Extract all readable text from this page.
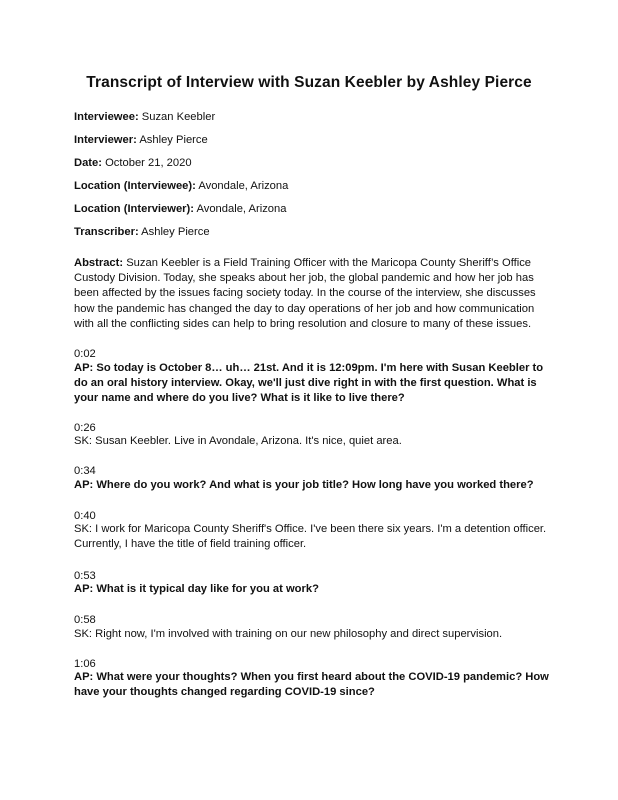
Transcript of Interview with Suzan Keebler by Ashley Pierce
Interviewee: Suzan Keebler
Interviewer: Ashley Pierce
Date: October 21, 2020
Location (Interviewee): Avondale, Arizona
Location (Interviewer): Avondale, Arizona
Transcriber: Ashley Pierce
Abstract: Suzan Keebler is a Field Training Officer with the Maricopa County Sheriff’s Office Custody Division. Today, she speaks about her job, the global pandemic and how her job has been affected by the issues facing society today. In the course of the interview, she discusses how the pandemic has changed the day to day operations of her job and how communication with all the conflicting sides can help to bring resolution and closure to many of these issues.
0:02
AP: So today is October 8… uh… 21st. And it is 12:09pm. I'm here with Susan Keebler to do an oral history interview. Okay, we'll just dive right in with the first question. What is your name and where do you live? What is it like to live there?
0:26
SK: Susan Keebler. Live in Avondale, Arizona. It's nice, quiet area.
0:34
AP: Where do you work? And what is your job title? How long have you worked there?
0:40
SK: I work for Maricopa County Sheriff's Office. I've been there six years. I'm a detention officer. Currently, I have the title of field training officer.
0:53
AP: What is it typical day like for you at work?
0:58
SK: Right now, I'm involved with training on our new philosophy and direct supervision.
1:06
AP: What were your thoughts? When you first heard about the COVID-19 pandemic? How have your thoughts changed regarding COVID-19 since?
